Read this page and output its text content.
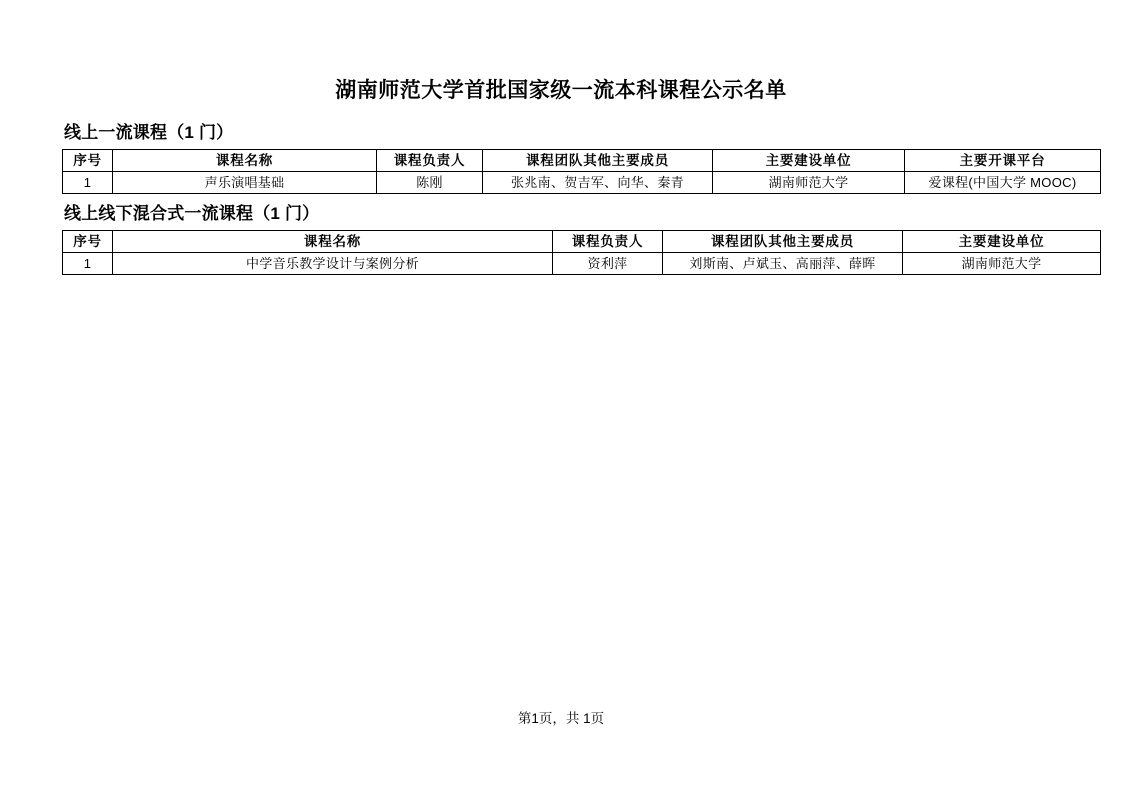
湖南师范大学首批国家级一流本科课程公示名单
线上一流课程（1 门）
序号	课程名称	课程负责人	课程团队其他主要成员	主要建设单位	主要开课平台
1	声乐演唱基础	陈刚	张兆南、贺吉军、向华、秦青	湖南师范大学	爱课程(中国大学 MOOC)
线上线下混合式一流课程（1 门）
序号	课程名称	课程负责人	课程团队其他主要成员	主要建设单位
1	中学音乐教学设计与案例分析	资利萍	刘斯南、卢斌玉、高丽萍、薛晖	湖南师范大学
第1页，共 1页
